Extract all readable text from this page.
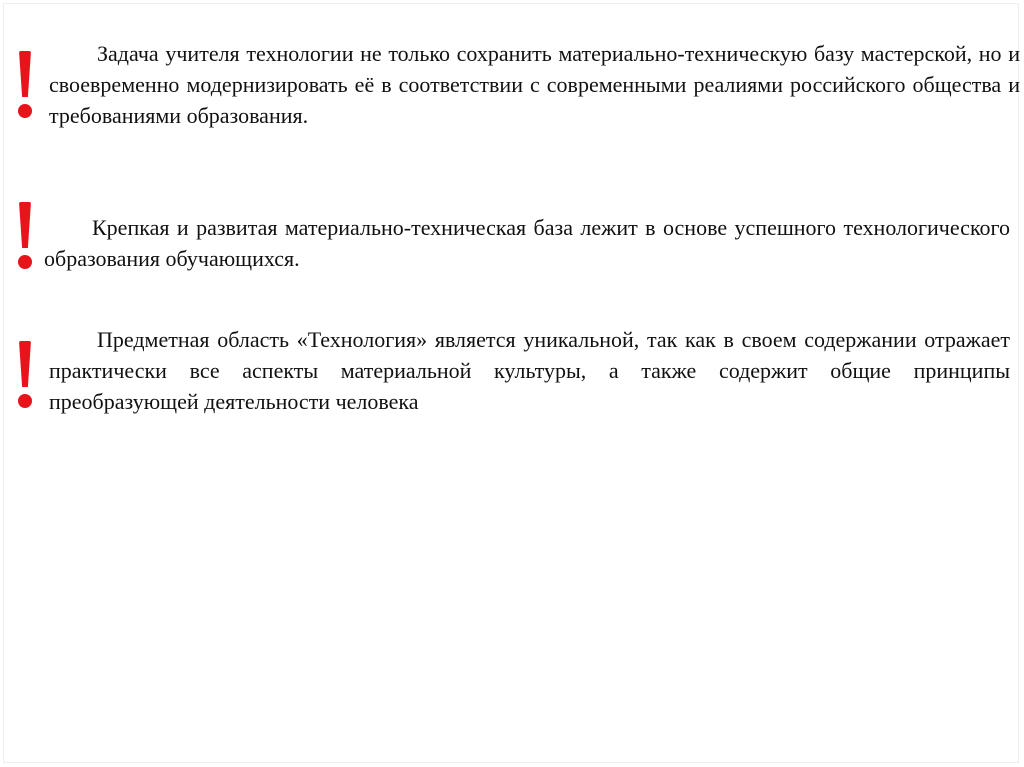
Задача учителя технологии не только сохранить материально-техническую базу мастерской, но и своевременно модернизировать её в соответствии с современными реалиями российского общества и требованиями образования.

Крепкая и развитая материально-техническая база лежит в основе успешного технологического образования обучающихся.

Предметная область «Технология» является уникальной, так как в своем содержании отражает практически все аспекты материальной культуры, а также содержит общие принципы преобразующей деятельности человека
